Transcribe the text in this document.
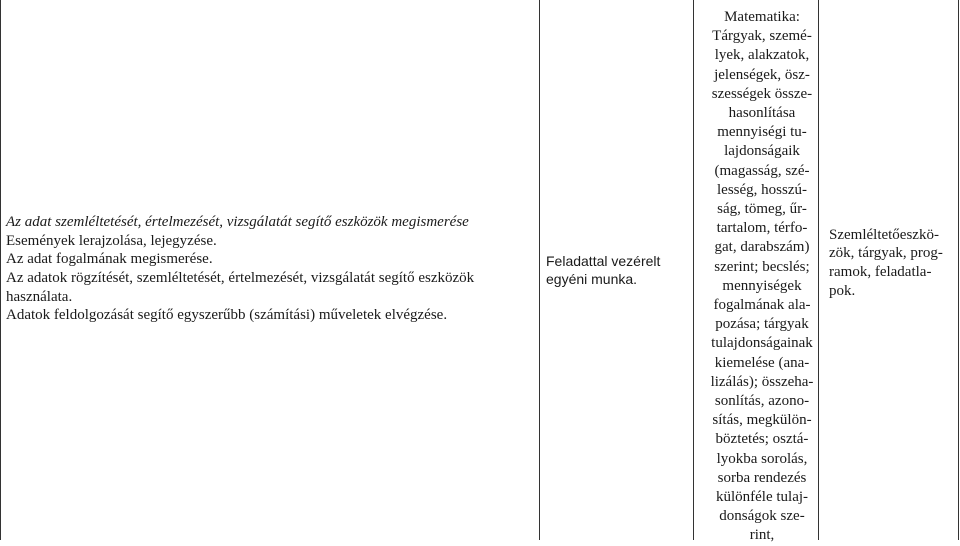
Az adat szemléltetését, értelmezését, vizsgálatát segítő eszközök megismerése
Események lerajzolása, lejegyzése.
Az adat fogalmának megismerése.
Az adatok rögzítését, szemléltetését, értelmezését, vizsgálatát segítő eszközök
használata.
Adatok feldolgozását segítő egyszerűbb (számítási) műveletek elvégzése.
Feladattal vezérelt
egyéni munka.
Matematika:
Tárgyak, szemé-
lyek, alakzatok,
jelenségek, ösz-
szességek össze-
hasonlítása
mennyiségi tu-
lajdonságaik
(magasság, szé-
lesség, hosszú-
ság, tömeg, űr-
tartalom, térfo-
gat, darabszám)
szerint; becslés;
mennyiségek
fogalmának ala-
pozása; tárgyak
tulajdonságainak
kiemelése (ana-
lizálás); összeha-
sonlítás, azono-
sítás, megkülön-
böztetés; osztá-
lyokba sorolás,
sorba rendezés
különféle tulaj-
donságok sze-
rint,
Szemléltetőeszkö-
zök, tárgyak, prog-
ramok, feladatla-
pok.
